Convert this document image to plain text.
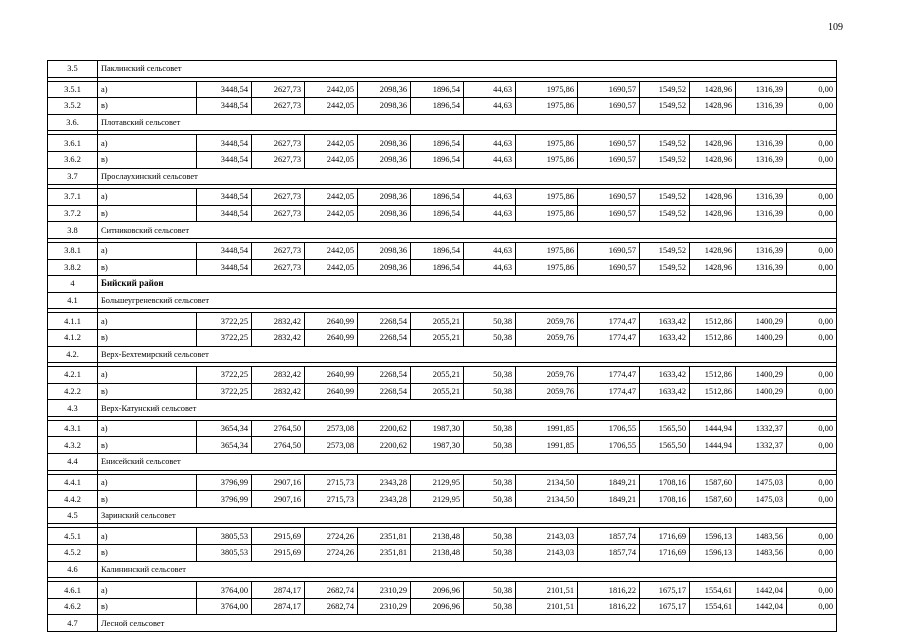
109
3.5	Паклинский сельсовет												

3.5.1	а)	3448,54	2627,73	2442,05	2098,36	1896,54	44,63	1975,86	1690,57	1549,52	1428,96	1316,39	0,00
3.5.2	в)	3448,54	2627,73	2442,05	2098,36	1896,54	44,63	1975,86	1690,57	1549,52	1428,96	1316,39	0,00
3.6.	Плотавский сельсовет												

3.6.1	а)	3448,54	2627,73	2442,05	2098,36	1896,54	44,63	1975,86	1690,57	1549,52	1428,96	1316,39	0,00
3.6.2	в)	3448,54	2627,73	2442,05	2098,36	1896,54	44,63	1975,86	1690,57	1549,52	1428,96	1316,39	0,00
3.7	Прослаухинский сельсовет												

3.7.1	а)	3448,54	2627,73	2442,05	2098,36	1896,54	44,63	1975,86	1690,57	1549,52	1428,96	1316,39	0,00
3.7.2	в)	3448,54	2627,73	2442,05	2098,36	1896,54	44,63	1975,86	1690,57	1549,52	1428,96	1316,39	0,00
3.8	Ситниковский сельсовет												

3.8.1	а)	3448,54	2627,73	2442,05	2098,36	1896,54	44,63	1975,86	1690,57	1549,52	1428,96	1316,39	0,00
3.8.2	в)	3448,54	2627,73	2442,05	2098,36	1896,54	44,63	1975,86	1690,57	1549,52	1428,96	1316,39	0,00
4	Бийский район												
4.1	Большеугреневский сельсовет												

4.1.1	а)	3722,25	2832,42	2640,99	2268,54	2055,21	50,38	2059,76	1774,47	1633,42	1512,86	1400,29	0,00
4.1.2	в)	3722,25	2832,42	2640,99	2268,54	2055,21	50,38	2059,76	1774,47	1633,42	1512,86	1400,29	0,00
4.2.	Верх-Бехтемирский сельсовет												

4.2.1	а)	3722,25	2832,42	2640,99	2268,54	2055,21	50,38	2059,76	1774,47	1633,42	1512,86	1400,29	0,00
4.2.2	в)	3722,25	2832,42	2640,99	2268,54	2055,21	50,38	2059,76	1774,47	1633,42	1512,86	1400,29	0,00
4.3	Верх-Катунский сельсовет												

4.3.1	а)	3654,34	2764,50	2573,08	2200,62	1987,30	50,38	1991,85	1706,55	1565,50	1444,94	1332,37	0,00
4.3.2	в)	3654,34	2764,50	2573,08	2200,62	1987,30	50,38	1991,85	1706,55	1565,50	1444,94	1332,37	0,00
4.4	Енисейский сельсовет												

4.4.1	а)	3796,99	2907,16	2715,73	2343,28	2129,95	50,38	2134,50	1849,21	1708,16	1587,60	1475,03	0,00
4.4.2	в)	3796,99	2907,16	2715,73	2343,28	2129,95	50,38	2134,50	1849,21	1708,16	1587,60	1475,03	0,00
4.5	Заринский сельсовет												

4.5.1	а)	3805,53	2915,69	2724,26	2351,81	2138,48	50,38	2143,03	1857,74	1716,69	1596,13	1483,56	0,00
4.5.2	в)	3805,53	2915,69	2724,26	2351,81	2138,48	50,38	2143,03	1857,74	1716,69	1596,13	1483,56	0,00
4.6	Калининский сельсовет												

4.6.1	а)	3764,00	2874,17	2682,74	2310,29	2096,96	50,38	2101,51	1816,22	1675,17	1554,61	1442,04	0,00
4.6.2	в)	3764,00	2874,17	2682,74	2310,29	2096,96	50,38	2101,51	1816,22	1675,17	1554,61	1442,04	0,00
4.7	Лесной сельсовет												
